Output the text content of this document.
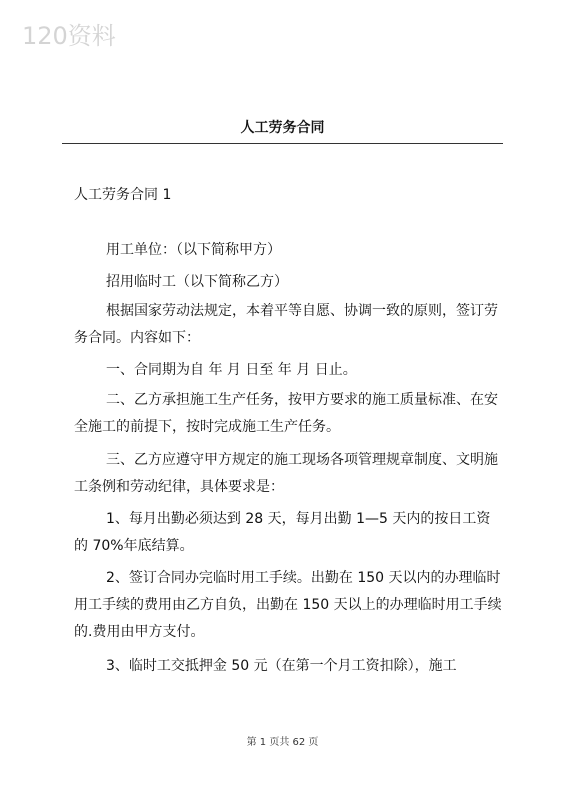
120资料
人工劳务合同
人工劳务合同 1

用工单位：（以下简称甲方）

招用临时工（以下简称乙方）

根据国家劳动法规定，本着平等自愿、协调一致的原则，签订劳务合同。内容如下：

一、合同期为自 年 月 日至 年 月 日止。

二、乙方承担施工生产任务，按甲方要求的施工质量标准、在安全施工的前提下，按时完成施工生产任务。

三、乙方应遵守甲方规定的施工现场各项管理规章制度、文明施工条例和劳动纪律，具体要求是：

1、每月出勤必须达到 28 天，每月出勤 1—5 天内的按日工资的 70%年底结算。

2、签订合同办完临时用工手续。出勤在 150 天以内的办理临时用工手续的费用由乙方自负，出勤在 150 天以上的办理临时用工手续的.费用由甲方支付。

3、临时工交抵押金 50 元（在第一个月工资扣除），施工

第 1 页共 62 页
